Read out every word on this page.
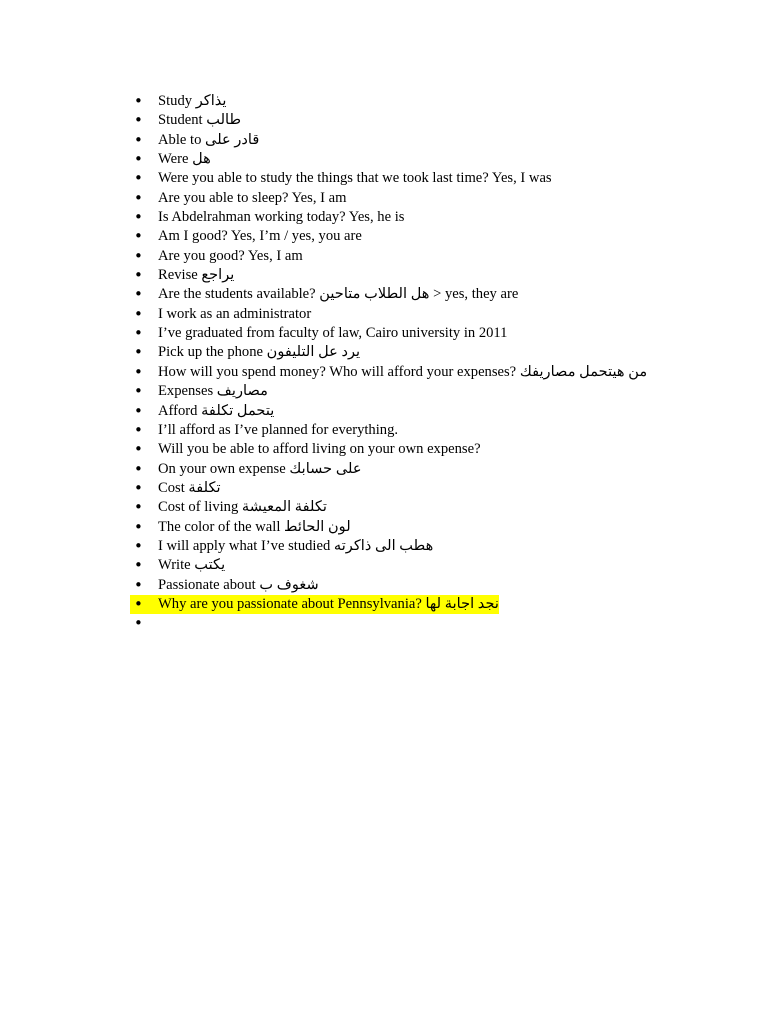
• Study يذاكر
• Student طالب
• Able to قادر على
• Were هل
• Were you able to study the things that we took last time? Yes, I was
• Are you able to sleep? Yes, I am
• Is Abdelrahman working today? Yes, he is
• Am I good? Yes, I’m / yes, you are
• Are you good? Yes, I am
• Revise يراجع
• Are the students available? هل الطلاب متاحين > yes, they are
• I work as an administrator
• I’ve graduated from faculty of law, Cairo university in 2011
• Pick up the phone يرد عل التليفون
• How will you spend money? Who will afford your expenses? من هيتحمل مصاريفك
• Expenses مصاريف
• Afford يتحمل تكلفة
• I’ll afford as I’ve planned for everything.
• Will you be able to afford living on your own expense?
• On your own expense على حسابك
• Cost تكلفة
• Cost of living تكلفة المعيشة
• The color of the wall لون الحائط
• I will apply what I’ve studied هطب الى ذاكرته
• Write يكتب
• Passionate about شغوف ب
•	Why are you passionate about Pennsylvania? نجد اجابة لها
•
